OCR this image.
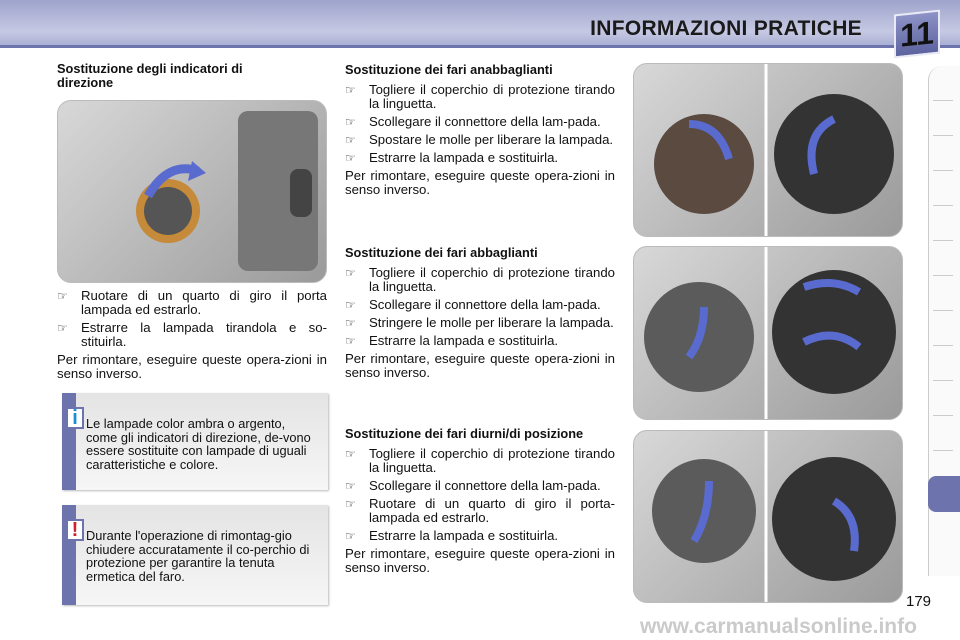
INFORMAZIONI PRATICHE 11
Sostituzione degli indicatori di direzione
☞	Ruotare di un quarto di giro il porta lampada ed estrarlo.
☞	Estrarre la lampada tirandola e so-stituirla.

Per rimontare, eseguire queste opera-zioni in senso inverso.

i Le lampade color ambra o argento, come gli indicatori di direzione, de-vono essere sostituite con lampade di uguali caratteristiche e colore.
! Durante l'operazione di rimontag-gio chiudere accuratamente il co-perchio di protezione per garantire la tenuta ermetica del faro.
Sostituzione dei fari anabbaglianti
☞	Togliere il coperchio di protezione tirando la linguetta.
☞	Scollegare il connettore della lam-pada.
☞	Spostare le molle per liberare la lampada.
☞	Estrarre la lampada e sostituirla.

Per rimontare, eseguire queste opera-zioni in senso inverso.

Sostituzione dei fari abbaglianti
☞	Togliere il coperchio di protezione tirando la linguetta.
☞	Scollegare il connettore della lam-pada.
☞	Stringere le molle per liberare la lampada.
☞	Estrarre la lampada e sostituirla.

Per rimontare, eseguire queste opera-zioni in senso inverso.

Sostituzione dei fari diurni/di posizione
☞	Togliere il coperchio di protezione tirando la linguetta.
☞	Scollegare il connettore della lam-pada.
☞	Ruotare di un quarto di giro il porta-lampada ed estrarlo.
☞	Estrarre la lampada e sostituirla.

Per rimontare, eseguire queste opera-zioni in senso inverso.

179
www.carmanualsonline.info
